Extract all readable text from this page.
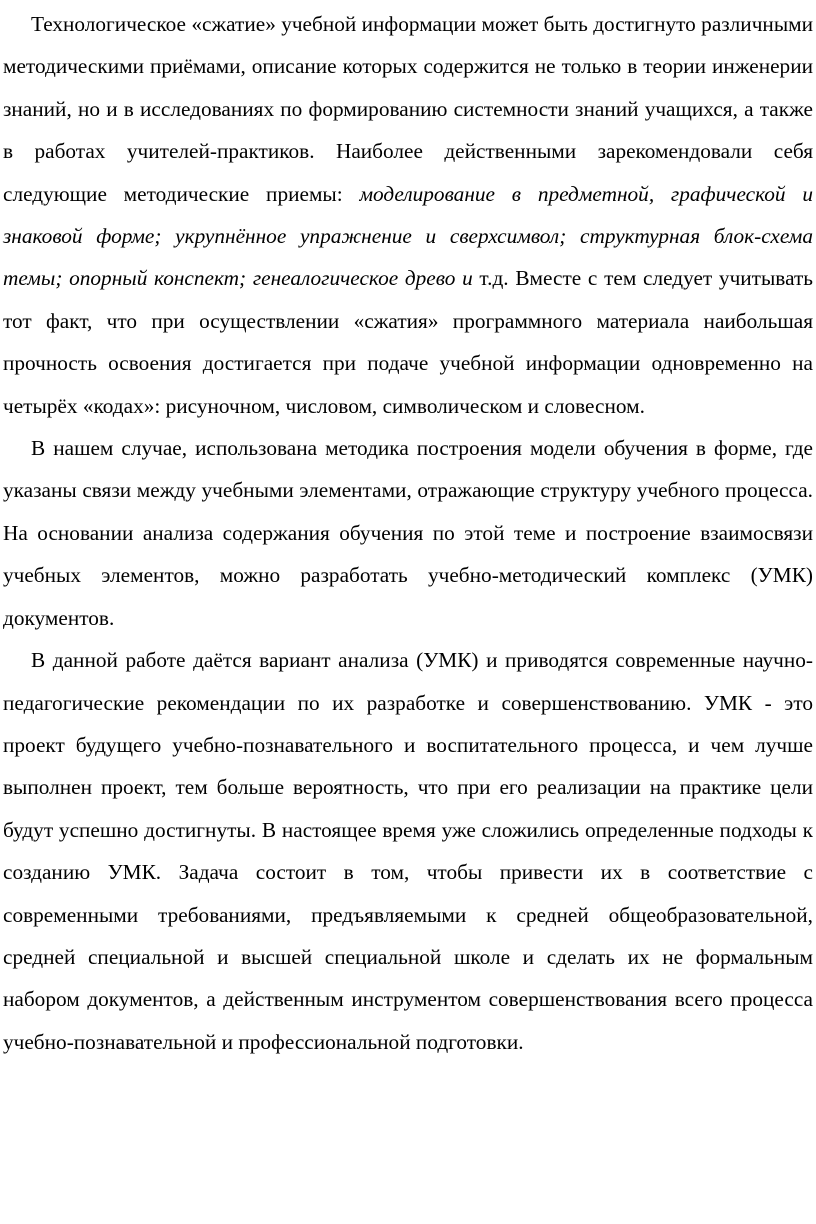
Технологическое «сжатие» учебной информации может быть достигнуто различными методическими приёмами, описание которых содержится не только в теории инженерии знаний, но и в исследованиях по формированию системности знаний учащихся, а также в работах учителей-практиков. Наиболее действенными зарекомендовали себя следующие методические приемы: моделирование в предметной, графической и знаковой форме; укрупнённое упражнение и сверхсимвол; структурная блок-схема темы; опорный конспект; генеалогическое древо и т.д. Вместе с тем следует учитывать тот факт, что при осуществлении «сжатия» программного материала наибольшая прочность освоения достигается при подаче учебной информации одновременно на четырёх «кодах»: рисуночном, числовом, символическом и словесном.

В нашем случае, использована методика построения модели обучения в форме, где указаны связи между учебными элементами, отражающие структуру учебного процесса. На основании анализа содержания обучения по этой теме и построение взаимосвязи учебных элементов, можно разработать учебно-методический комплекс (УМК) документов.

В данной работе даётся вариант анализа (УМК) и приводятся современные научно-педагогические рекомендации по их разработке и совершенствованию. УМК - это проект будущего учебно-познавательного и воспитательного процесса, и чем лучше выполнен проект, тем больше вероятность, что при его реализации на практике цели будут успешно достигнуты. В настоящее время уже сложились определенные подходы к созданию УМК. Задача состоит в том, чтобы привести их в соответствие с современными требованиями, предъявляемыми к средней общеобразовательной, средней специальной и высшей специальной школе и сделать их не формальным набором документов, а действенным инструментом совершенствования всего процесса учебно-познавательной и профессиональной подготовки.
